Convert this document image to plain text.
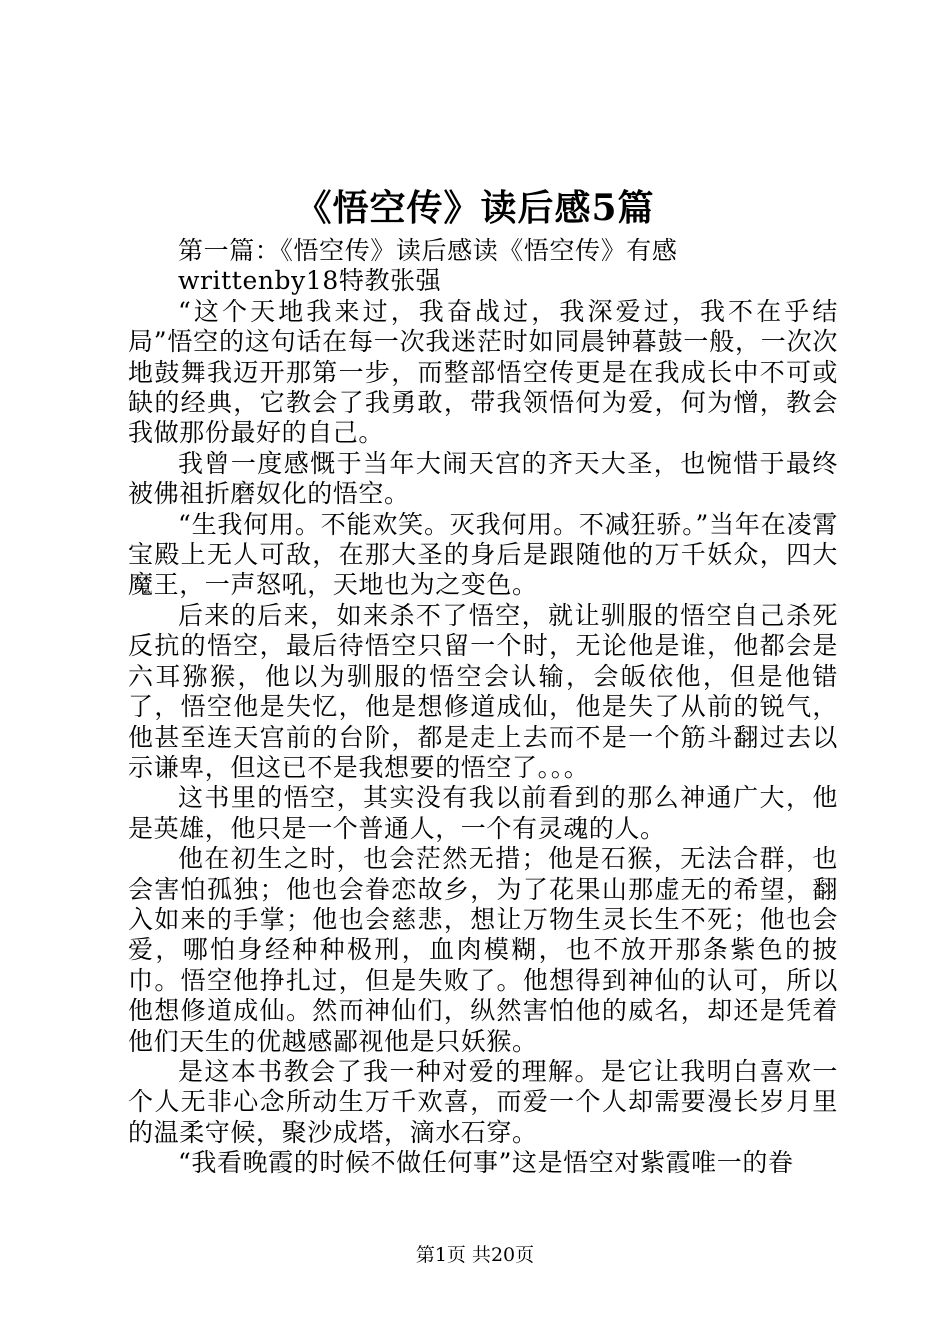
《悟空传》读后感5篇

第一篇：《悟空传》读后感读《悟空传》有感

writtenby18特教张强

“这个天地我来过，我奋战过，我深爱过，我不在乎结局”悟空的这句话在每一次我迷茫时如同晨钟暮鼓一般，一次次地鼓舞我迈开那第一步，而整部悟空传更是在我成长中不可或缺的经典，它教会了我勇敢，带我领悟何为爱，何为憎，教会我做那份最好的自己。

我曾一度感慨于当年大闹天宫的齐天大圣，也惋惜于最终被佛祖折磨奴化的悟空。

“生我何用。不能欢笑。灭我何用。不减狂骄。”当年在凌霄宝殿上无人可敌，在那大圣的身后是跟随他的万千妖众，四大魔王，一声怒吼，天地也为之变色。

后来的后来，如来杀不了悟空，就让驯服的悟空自己杀死反抗的悟空，最后待悟空只留一个时，无论他是谁，他都会是六耳猕猴，他以为驯服的悟空会认输，会皈依他，但是他错了，悟空他是失忆，他是想修道成仙，他是失了从前的锐气，他甚至连天宫前的台阶，都是走上去而不是一个筋斗翻过去以示谦卑，但这已不是我想要的悟空了。。。

这书里的悟空，其实没有我以前看到的那么神通广大，他是英雄，他只是一个普通人，一个有灵魂的人。

他在初生之时，也会茫然无措；他是石猴，无法合群，也会害怕孤独；他也会眷恋故乡，为了花果山那虚无的希望，翻入如来的手掌；他也会慈悲，想让万物生灵长生不死；他也会爱，哪怕身经种种极刑，血肉模糊，也不放开那条紫色的披巾。悟空他挣扎过，但是失败了。他想得到神仙的认可，所以他想修道成仙。然而神仙们，纵然害怕他的威名，却还是凭着他们天生的优越感鄙视他是只妖猴。

是这本书教会了我一种对爱的理解。是它让我明白喜欢一个人无非心念所动生万千欢喜，而爱一个人却需要漫长岁月里的温柔守候，聚沙成塔，滴水石穿。

“我看晚霞的时候不做任何事”这是悟空对紫霞唯一的眷

第1页 共20页
